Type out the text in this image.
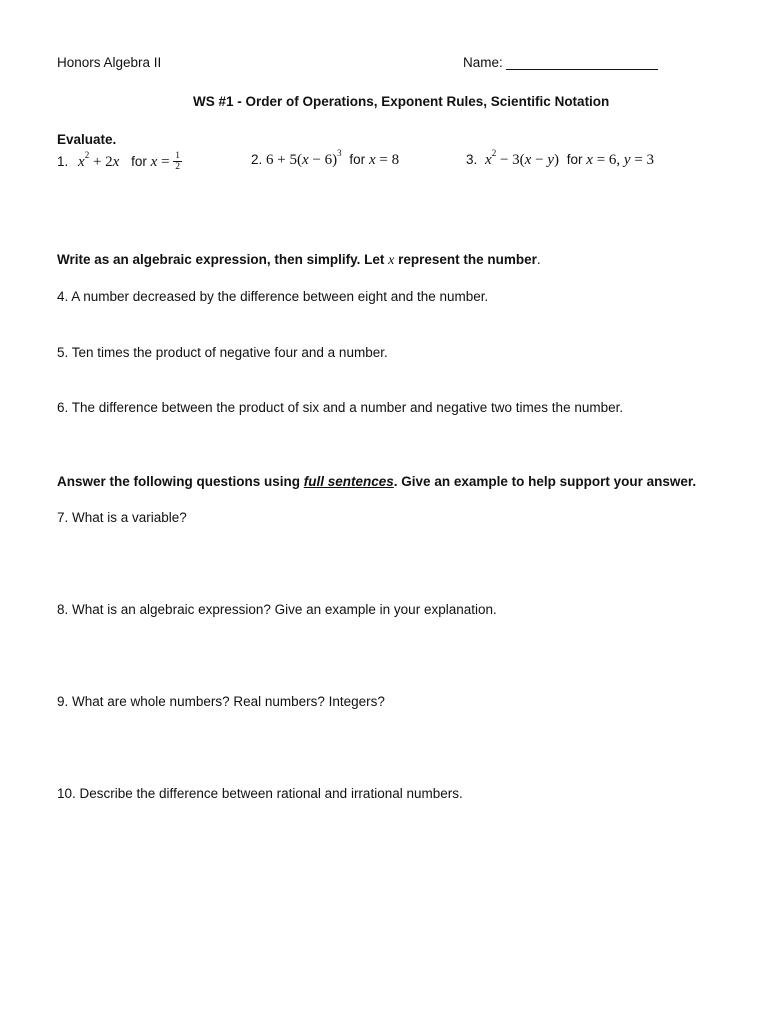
Honors Algebra II	Name:
WS #1 - Order of Operations, Exponent Rules, Scientific Notation
Evaluate.
1. $x^2 + 2x$ for $x = \frac{1}{2}$	2. $6 + 5(x - 6)^3$ for x = 8	3. $x^2 - 3(x - y)$ for x = 6, y = 3
Write as an algebraic expression, then simplify. Let x represent the number.
4. A number decreased by the difference between eight and the number.
5. Ten times the product of negative four and a number.
6. The difference between the product of six and a number and negative two times the number.
Answer the following questions using full sentences. Give an example to help support your answer.
7. What is a variable?
8. What is an algebraic expression? Give an example in your explanation.
9. What are whole numbers? Real numbers? Integers?
10. Describe the difference between rational and irrational numbers.
